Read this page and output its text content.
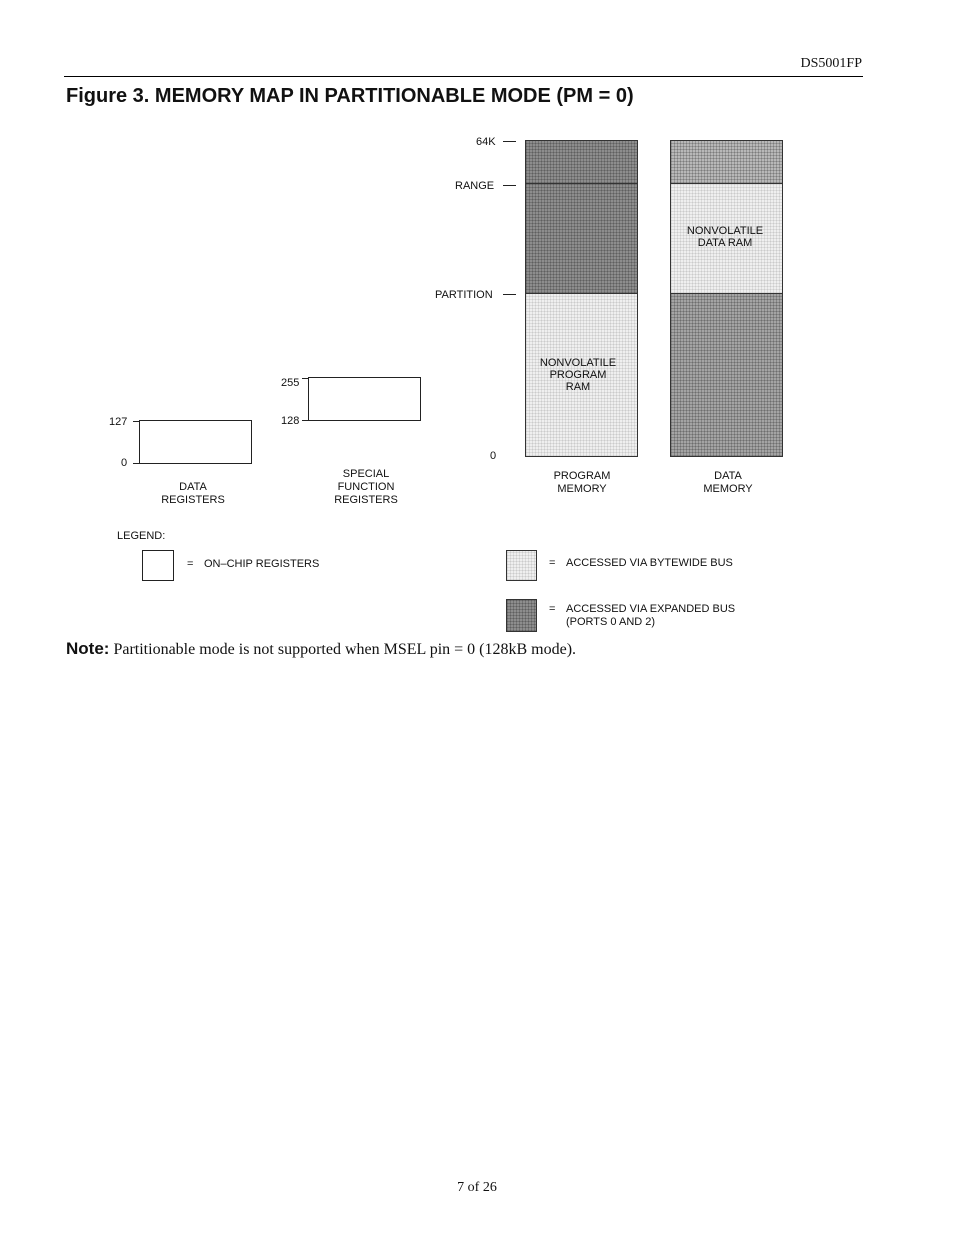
DS5001FP
Figure 3. MEMORY MAP IN PARTITIONABLE MODE (PM = 0)
127
0
DATA
REGISTERS
255
128
SPECIAL
FUNCTION
REGISTERS
64K
RANGE
PARTITION
0
NONVOLATILE
PROGRAM
RAM
PROGRAM
MEMORY
NONVOLATILE
DATA RAM
DATA
MEMORY
LEGEND:
= ON–CHIP REGISTERS	= ACCESSED VIA BYTEWIDE BUS
= ACCESSED VIA EXPANDED BUS
(PORTS 0 AND 2)
Note: Partitionable mode is not supported when MSEL pin = 0 (128kB mode).
7 of 26
